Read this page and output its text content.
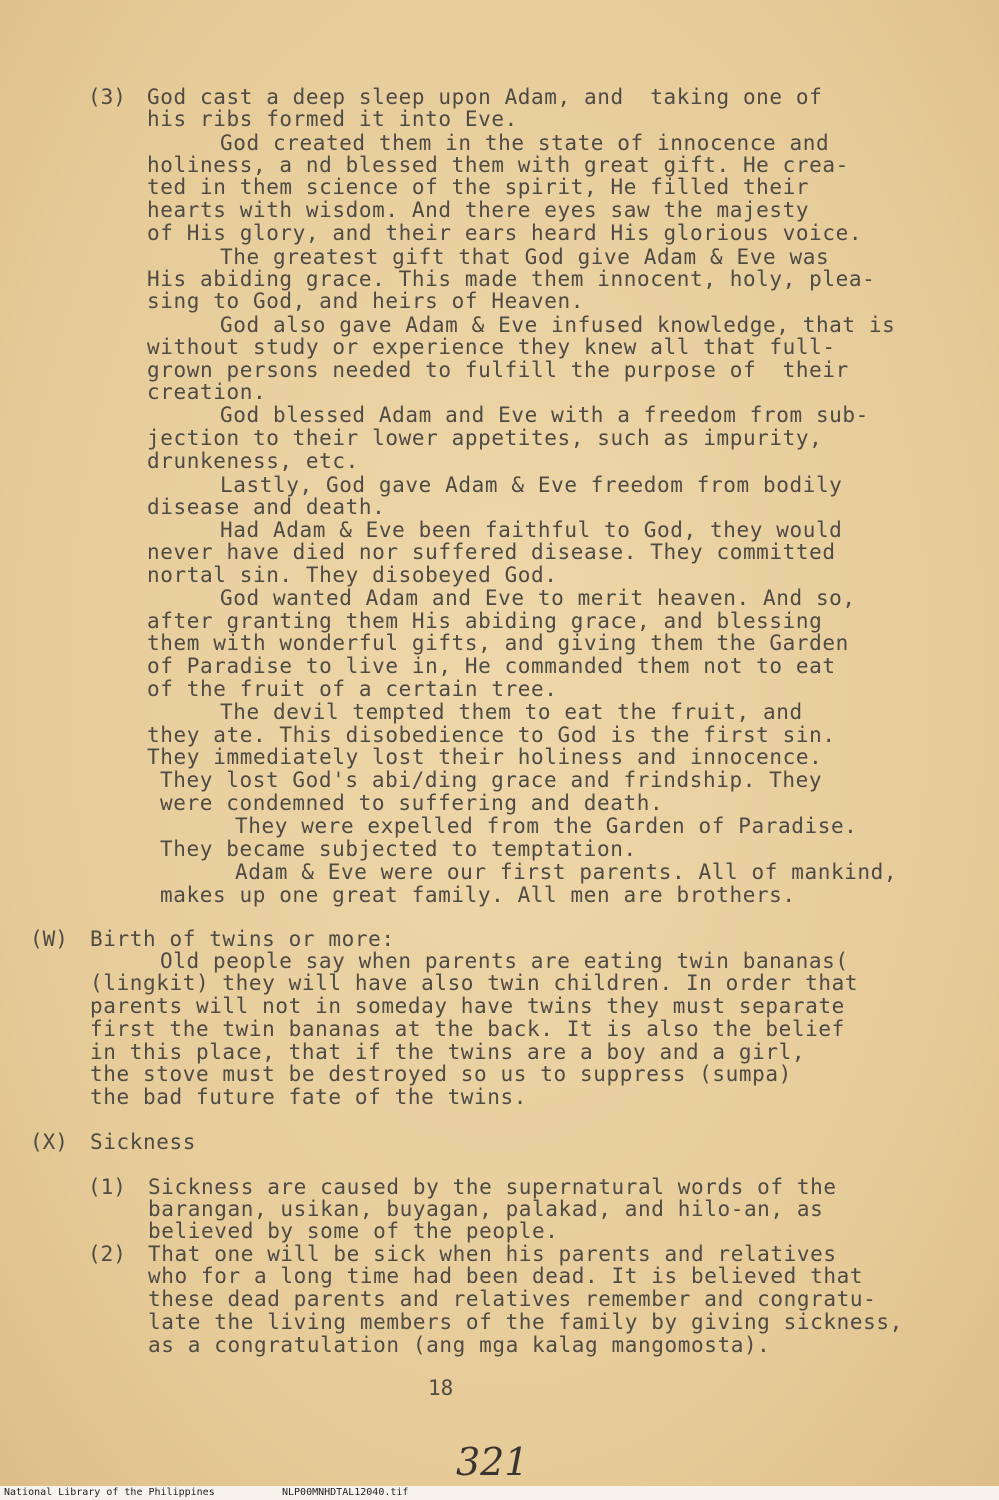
(3) God cast a deep sleep upon Adam, and  taking one of
his ribs formed it into Eve.
God created them in the state of innocence and
holiness, a nd blessed them with great gift. He crea-
ted in them science of the spirit, He filled their
hearts with wisdom. And there eyes saw the majesty
of His glory, and their ears heard His glorious voice.
The greatest gift that God give Adam & Eve was
His abiding grace. This made them innocent, holy, plea-
sing to God, and heirs of Heaven.
God also gave Adam & Eve infused knowledge, that is
without study or experience they knew all that full-
grown persons needed to fulfill the purpose of  their
creation.
God blessed Adam and Eve with a freedom from sub-
jection to their lower appetites, such as impurity,
drunkeness, etc.
Lastly, God gave Adam & Eve freedom from bodily
disease and death.
Had Adam & Eve been faithful to God, they would
never have died nor suffered disease. They committed
nortal sin. They disobeyed God.
God wanted Adam and Eve to merit heaven. And so,
after granting them His abiding grace, and blessing
them with wonderful gifts, and giving them the Garden
of Paradise to live in, He commanded them not to eat
of the fruit of a certain tree.
The devil tempted them to eat the fruit, and
they ate. This disobedience to God is the first sin.
They immediately lost their holiness and innocence.
They lost God's abi/ding grace and frindship. They
were condemned to suffering and death.
They were expelled from the Garden of Paradise.
They became subjected to temptation.
Adam & Eve were our first parents. All of mankind,
makes up one great family. All men are brothers.
(W) Birth of twins or more:
Old people say when parents are eating twin bananas(
(lingkit) they will have also twin children. In order that
parents will not in someday have twins they must separate
first the twin bananas at the back. It is also the belief
in this place, that if the twins are a boy and a girl,
the stove must be destroyed so us to suppress (sumpa)
the bad future fate of the twins.
(X) Sickness
(1) Sickness are caused by the supernatural words of the
barangan, usikan, buyagan, palakad, and hilo-an, as
believed by some of the people.
(2) That one will be sick when his parents and relatives
who for a long time had been dead. It is believed that
these dead parents and relatives remember and congratu-
late the living members of the family by giving sickness,
as a congratulation (ang mga kalag mangomosta).
18
321
National Library of the Philippines	NLP00MNHDTAL12040.tif
